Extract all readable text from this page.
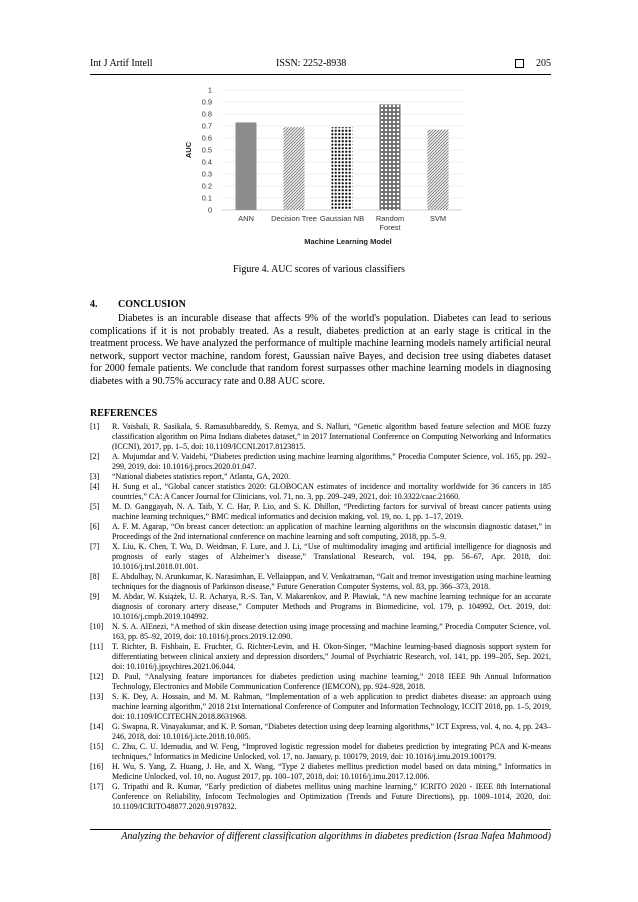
Int J Artif Intell	ISSN: 2252-8938	205
0
0.1
0.2
0.3
0.4
0.5
0.6
0.7
0.8
0.9
1
ANN Decision Tree Gaussian NB Random
Forest
SVM
Machine Learning Model
AUC
Figure 4. AUC scores of various classifiers
4. CONCLUSION
Diabetes is an incurable disease that affects 9% of the world's population. Diabetes can lead to serious complications if it is not probably treated. As a result, diabetes prediction at an early stage is critical in the treatment process. We have analyzed the performance of multiple machine learning models namely artificial neural network, support vector machine, random forest, Gaussian naïve Bayes, and decision tree using diabetes dataset for 2000 female patients. We conclude that random forest surpasses other machine learning models in diagnosing diabetes with a 90.75% accuracy rate and 0.88 AUC score.
REFERENCES
[1] R. Vaishali, R. Sasikala, S. Ramasubbareddy, S. Remya, and S. Nalluri, “Genetic algorithm based feature selection and MOE fuzzy classification algorithm on Pima Indians diabetes dataset,” in 2017 International Conference on Computing Networking and Informatics (ICCNI), 2017, pp. 1–5, doi: 10.1109/ICCNI.2017.8123815.
[2] A. Mujumdar and V. Vaidehi, “Diabetes prediction using machine learning algorithms,” Procedia Computer Science, vol. 165, pp. 292–299, 2019, doi: 10.1016/j.procs.2020.01.047.
[3] “National diabetes statistics report,” Atlanta, GA, 2020.
[4] H. Sung et al., “Global cancer statistics 2020: GLOBOCAN estimates of incidence and mortality worldwide for 36 cancers in 185 countries,” CA: A Cancer Journal for Clinicians, vol. 71, no. 3, pp. 209–249, 2021, doi: 10.3322/caac.21660.
[5] M. D. Ganggayah, N. A. Taib, Y. C. Har, P. Lio, and S. K. Dhillon, “Predicting factors for survival of breast cancer patients using machine learning techniques,” BMC medical informatics and decision making, vol. 19, no. 1, pp. 1–17, 2019.
[6] A. F. M. Agarap, “On breast cancer detection: an application of machine learning algorithms on the wisconsin diagnostic dataset,” in Proceedings of the 2nd international conference on machine learning and soft computing, 2018, pp. 5–9.
[7] X. Liu, K. Chen, T. Wu, D. Weidman, F. Lure, and J. Li, “Use of multimodality imaging and artificial intelligence for diagnosis and prognosis of early stages of Alzheimer’s disease,” Translational Research, vol. 194, pp. 56–67, Apr. 2018, doi: 10.1016/j.trsl.2018.01.001.
[8] E. Abdulhay, N. Arunkumar, K. Narasimhan, E. Vellaiappan, and V. Venkatraman, “Gait and tremor investigation using machine learning techniques for the diagnosis of Parkinson disease,” Future Generation Computer Systems, vol. 83, pp. 366–373, 2018.
[9] M. Abdar, W. Książek, U. R. Acharya, R.-S. Tan, V. Makarenkov, and P. Pławiak, “A new machine learning technique for an accurate diagnosis of coronary artery disease,” Computer Methods and Programs in Biomedicine, vol. 179, p. 104992, Oct. 2019, doi: 10.1016/j.cmpb.2019.104992.
[10] N. S. A. AlEnezi, “A method of skin disease detection using image processing and machine learning,” Procedia Computer Science, vol. 163, pp. 85–92, 2019, doi: 10.1016/j.procs.2019.12.090.
[11] T. Richter, B. Fishbain, E. Fruchter, G. Richter-Levin, and H. Okon-Singer, “Machine learning-based diagnosis support system for differentiating between clinical anxiety and depression disorders,” Journal of Psychiatric Research, vol. 141, pp. 199–205, Sep. 2021, doi: 10.1016/j.jpsychires.2021.06.044.
[12] D. Paul, “Analysing feature importances for diabetes prediction using machine learning,” 2018 IEEE 9th Annual Information Technology, Electronics and Mobile Communication Conference (IEMCON), pp. 924–928, 2018.
[13] S. K. Dey, A. Hossain, and M. M. Rahman, “Implementation of a web application to predict diabetes disease: an approach using machine learning algorithm,” 2018 21st International Conference of Computer and Information Technology, ICCIT 2018, pp. 1–5, 2019, doi: 10.1109/ICCITECHN.2018.8631968.
[14] G. Swapna, R. Vinayakumar, and K. P. Soman, “Diabetes detection using deep learning algorithms,” ICT Express, vol. 4, no. 4, pp. 243–246, 2018, doi: 10.1016/j.icte.2018.10.005.
[15] C. Zhu, C. U. Idemudia, and W. Feng, “Improved logistic regression model for diabetes prediction by integrating PCA and K-means techniques,” Informatics in Medicine Unlocked, vol. 17, no. January, p. 100179, 2019, doi: 10.1016/j.imu.2019.100179.
[16] H. Wu, S. Yang, Z. Huang, J. He, and X. Wang, “Type 2 diabetes mellitus prediction model based on data mining,” Informatics in Medicine Unlocked, vol. 10, no. August 2017, pp. 100–107, 2018, doi: 10.1016/j.imu.2017.12.006.
[17] G. Tripathi and R. Kumar, “Early prediction of diabetes mellitus using machine learning,” ICRITO 2020 - IEEE 8th International Conference on Reliability, Infocom Technologies and Optimization (Trends and Future Directions), pp. 1009–1014, 2020, doi: 10.1109/ICRITO48877.2020.9197832.
Analyzing the behavior of different classification algorithms in diabetes prediction (Israa Nafea Mahmood)
